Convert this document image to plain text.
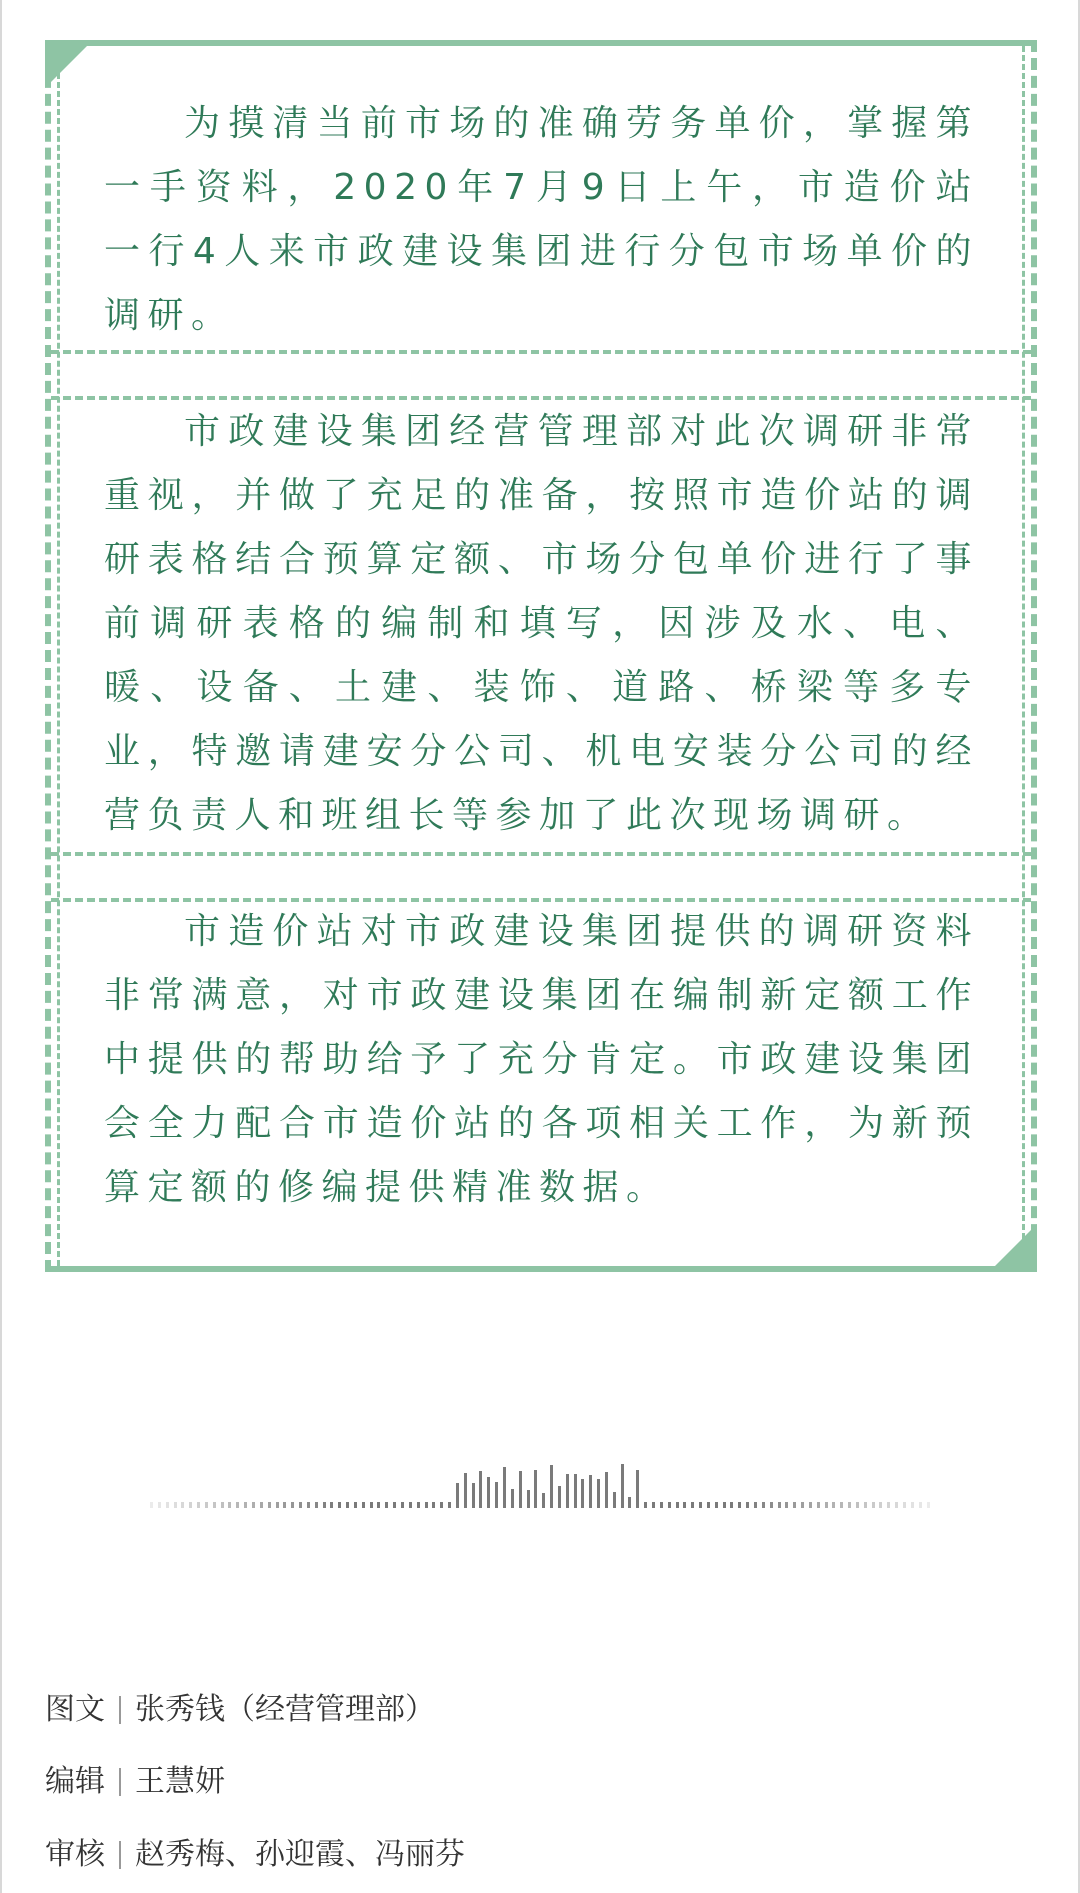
为摸清当前市场的准确劳务单价，掌握第一手资料，2020年7月9日上午，市造价站一行4人来市政建设集团进行分包市场单价的调研。

市政建设集团经营管理部对此次调研非常重视，并做了充足的准备，按照市造价站的调研表格结合预算定额、市场分包单价进行了事前调研表格的编制和填写，因涉及水、电、暖、设备、土建、装饰、道路、桥梁等多专业，特邀请建安分公司、机电安装分公司的经营负责人和班组长等参加了此次现场调研。

市造价站对市政建设集团提供的调研资料非常满意，对市政建设集团在编制新定额工作中提供的帮助给予了充分肯定。市政建设集团会全力配合市造价站的各项相关工作，为新预算定额的修编提供精准数据。

图文 张秀钱（经营管理部）
编辑 王慧妍
审核 赵秀梅、孙迎霞、冯丽芬
